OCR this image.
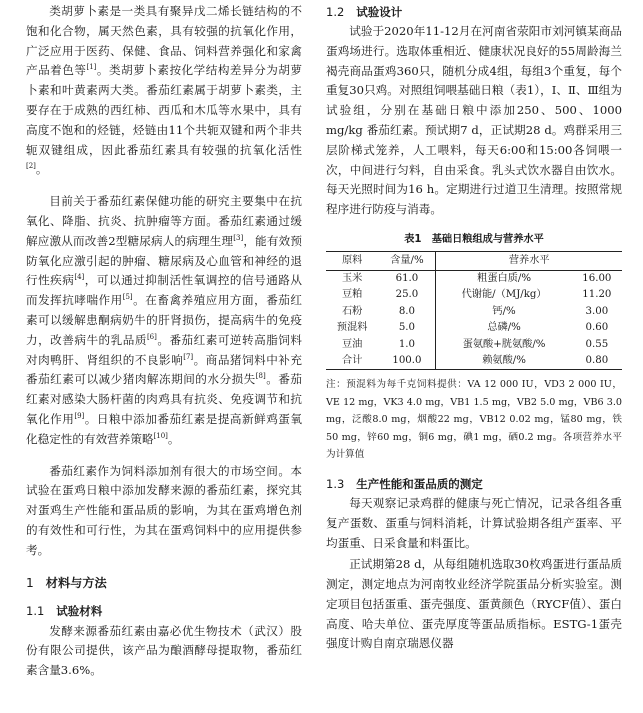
类胡萝卜素是一类具有聚异戊二烯长链结构的不饱和化合物，属天然色素，具有较强的抗氧化作用，广泛应用于医药、保健、食品、饲料营养强化和家禽产品着色等[1]。类胡萝卜素按化学结构差异分为胡萝卜素和叶黄素两大类。番茄红素属于胡萝卜素类，主要存在于成熟的西红柿、西瓜和木瓜等水果中，具有高度不饱和的烃链，烃链由11个共轭双键和两个非共轭双键组成，因此番茄红素具有较强的抗氧化活性[2]。

目前关于番茄红素保健功能的研究主要集中在抗氧化、降脂、抗炎、抗肿瘤等方面。番茄红素通过缓解应激从而改善2型糖尿病人的病理生理[3]，能有效预防氧化应激引起的肿瘤、糖尿病及心血管和神经的退行性疾病[4]，可以通过抑制活性氧调控的信号通路从而发挥抗哮喘作用[5]。在畜禽养殖应用方面，番茄红素可以缓解患酮病奶牛的肝肾损伤，提高病牛的免疫力，改善病牛的乳品质[6]。番茄红素可逆转高脂饲料对肉鸭肝、肾组织的不良影响[7]。商品猪饲料中补充番茄红素可以减少猪肉解冻期间的水分损失[8]。番茄红素对感染大肠杆菌的肉鸡具有抗炎、免疫调节和抗氧化作用[9]。日粮中添加番茄红素是提高新鲜鸡蛋氧化稳定性的有效营养策略[10]。

番茄红素作为饲料添加剂有很大的市场空间。本试验在蛋鸡日粮中添加发酵来源的番茄红素，探究其对蛋鸡生产性能和蛋品质的影响，为其在蛋鸡增色剂的有效性和可行性，为其在蛋鸡饲料中的应用提供参考。

1 材料与方法
1.1 试验材料

发酵来源番茄红素由嘉必优生物技术（武汉）股份有限公司提供，该产品为酿酒酵母提取物，番茄红素含量3.6%。

1.2 试验设计

试验于2020年11-12月在河南省荥阳市刘河镇某商品蛋鸡场进行。选取体重相近、健康状况良好的55周龄海兰褐壳商品蛋鸡360只，随机分成4组，每组3个重复，每个重复30只鸡。对照组饲喂基础日粮（表1），Ⅰ、Ⅱ、Ⅲ组为试验组，分别在基础日粮中添加250、500、1000 mg/kg 番茄红素。预试期7 d，正试期28 d。鸡群采用三层阶梯式笼养，人工喂料，每天6:00和15:00各饲喂一次，中间进行匀料，自由采食。乳头式饮水器自由饮水。每天光照时间为16 h。定期进行过道卫生清理。按照常规程序进行防疫与消毒。

表1　基础日粮组成与营养水平
原料	含量/%	营养水平	
玉米	61.0	粗蛋白质/%	16.00
豆粕	25.0	代谢能/（MJ/kg）	11.20
石粉	8.0	钙/%	3.00
预混料	5.0	总磷/%	0.60
豆油	1.0	蛋氨酸+胱氨酸/%	0.55
合计	100.0	赖氨酸/%	0.80

注：预混料为每千克饲料提供：VA 12 000 IU，VD3 2 000 IU，VE 12 mg，VK3 4.0 mg，VB1 1.5 mg，VB2 5.0 mg，VB6 3.0 mg，泛酸8.0 mg，烟酸22 mg，VB12 0.02 mg，锰80 mg，铁50 mg，锌60 mg，铜6 mg，碘1 mg，硒0.2 mg。各项营养水平为计算值

1.3 生产性能和蛋品质的测定

每天观察记录鸡群的健康与死亡情况，记录各组各重复产蛋数、蛋重与饲料消耗，计算试验期各组产蛋率、平均蛋重、日采食量和料蛋比。

正试期第28 d，从每组随机选取30枚鸡蛋进行蛋品质测定，测定地点为河南牧业经济学院蛋品分析实验室。测定项目包括蛋重、蛋壳强度、蛋黄颜色（RYCF值）、蛋白高度、哈夫单位、蛋壳厚度等蛋品质指标。ESTG-1蛋壳强度计购自南京瑞恩仪器
